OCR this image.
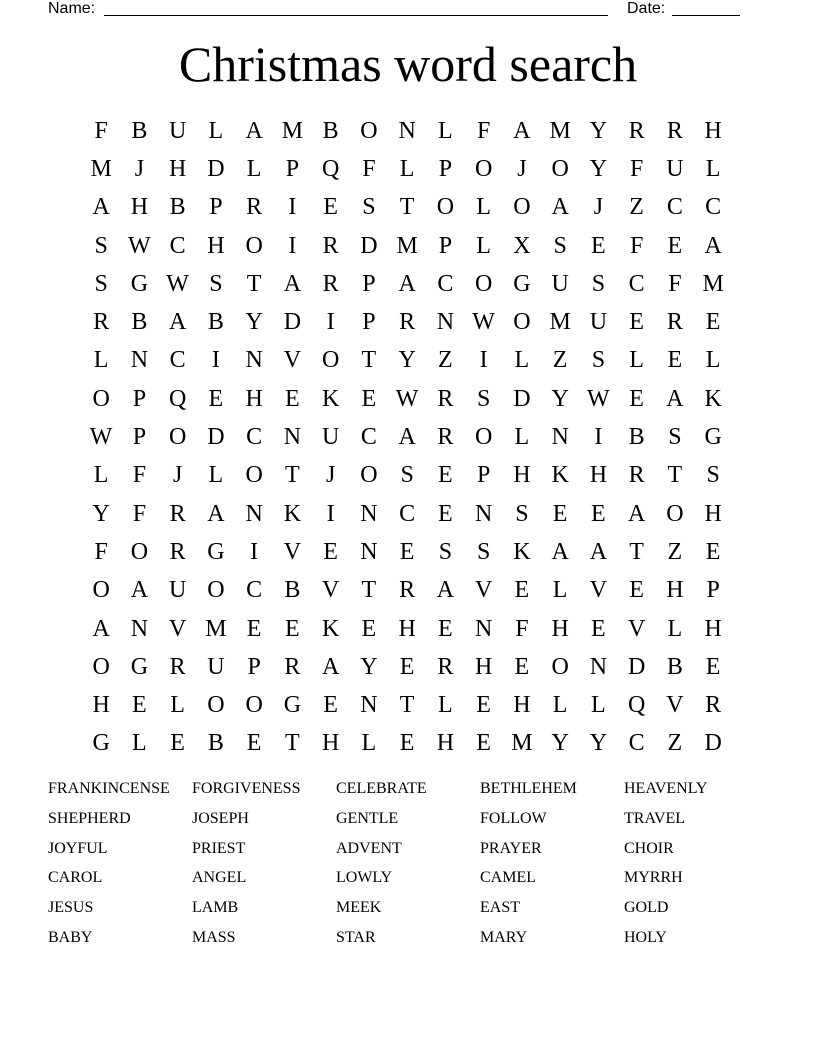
Name:	Date:
Christmas word search
F B U L A M B O N L	F A M Y R R H
M J	H D L	P Q F	L	P O	J	O Y F U L
A H B P R	I	E	S	T O L O A	J	Z C C
S W C H O	I	R D M P	L X S	E	F	E A
S G W S	T A R P A C O G U S C F M
R B A B Y D	I	P R N W O M U E R E
L N C	I	N V O T Y Z	I	L Z	S	L E L
O P Q E H E K E W R S D Y W E A K
W P O D C N U C A R O L N	I	B S G
L	F	J	L O T	J	O S	E	P H K H R T	S
Y F R A N K	I	N C E N S	E E A O H
F O R G	I	V E N E	S	S K A A T Z E
O A U O C B V T R A V E L V E H P
A N V M E E K E H E N F H E V L H
O G R U P R A Y E R H E O N D B E
H E L O O G E N T L E H L L Q V R
G L E B E T H L E H E M Y Y C Z D
FRANKINCENSE	FORGIVENESS	CELEBRATE	BETHLEHEM	HEAVENLY
SHEPHERD	JOSEPH	GENTLE	FOLLOW	TRAVEL
JOYFUL	PRIEST	ADVENT	PRAYER	CHOIR
CAROL	ANGEL	LOWLY	CAMEL	MYRRH
JESUS	LAMB	MEEK	EAST	GOLD
BABY	MASS	STAR	MARY	HOLY
